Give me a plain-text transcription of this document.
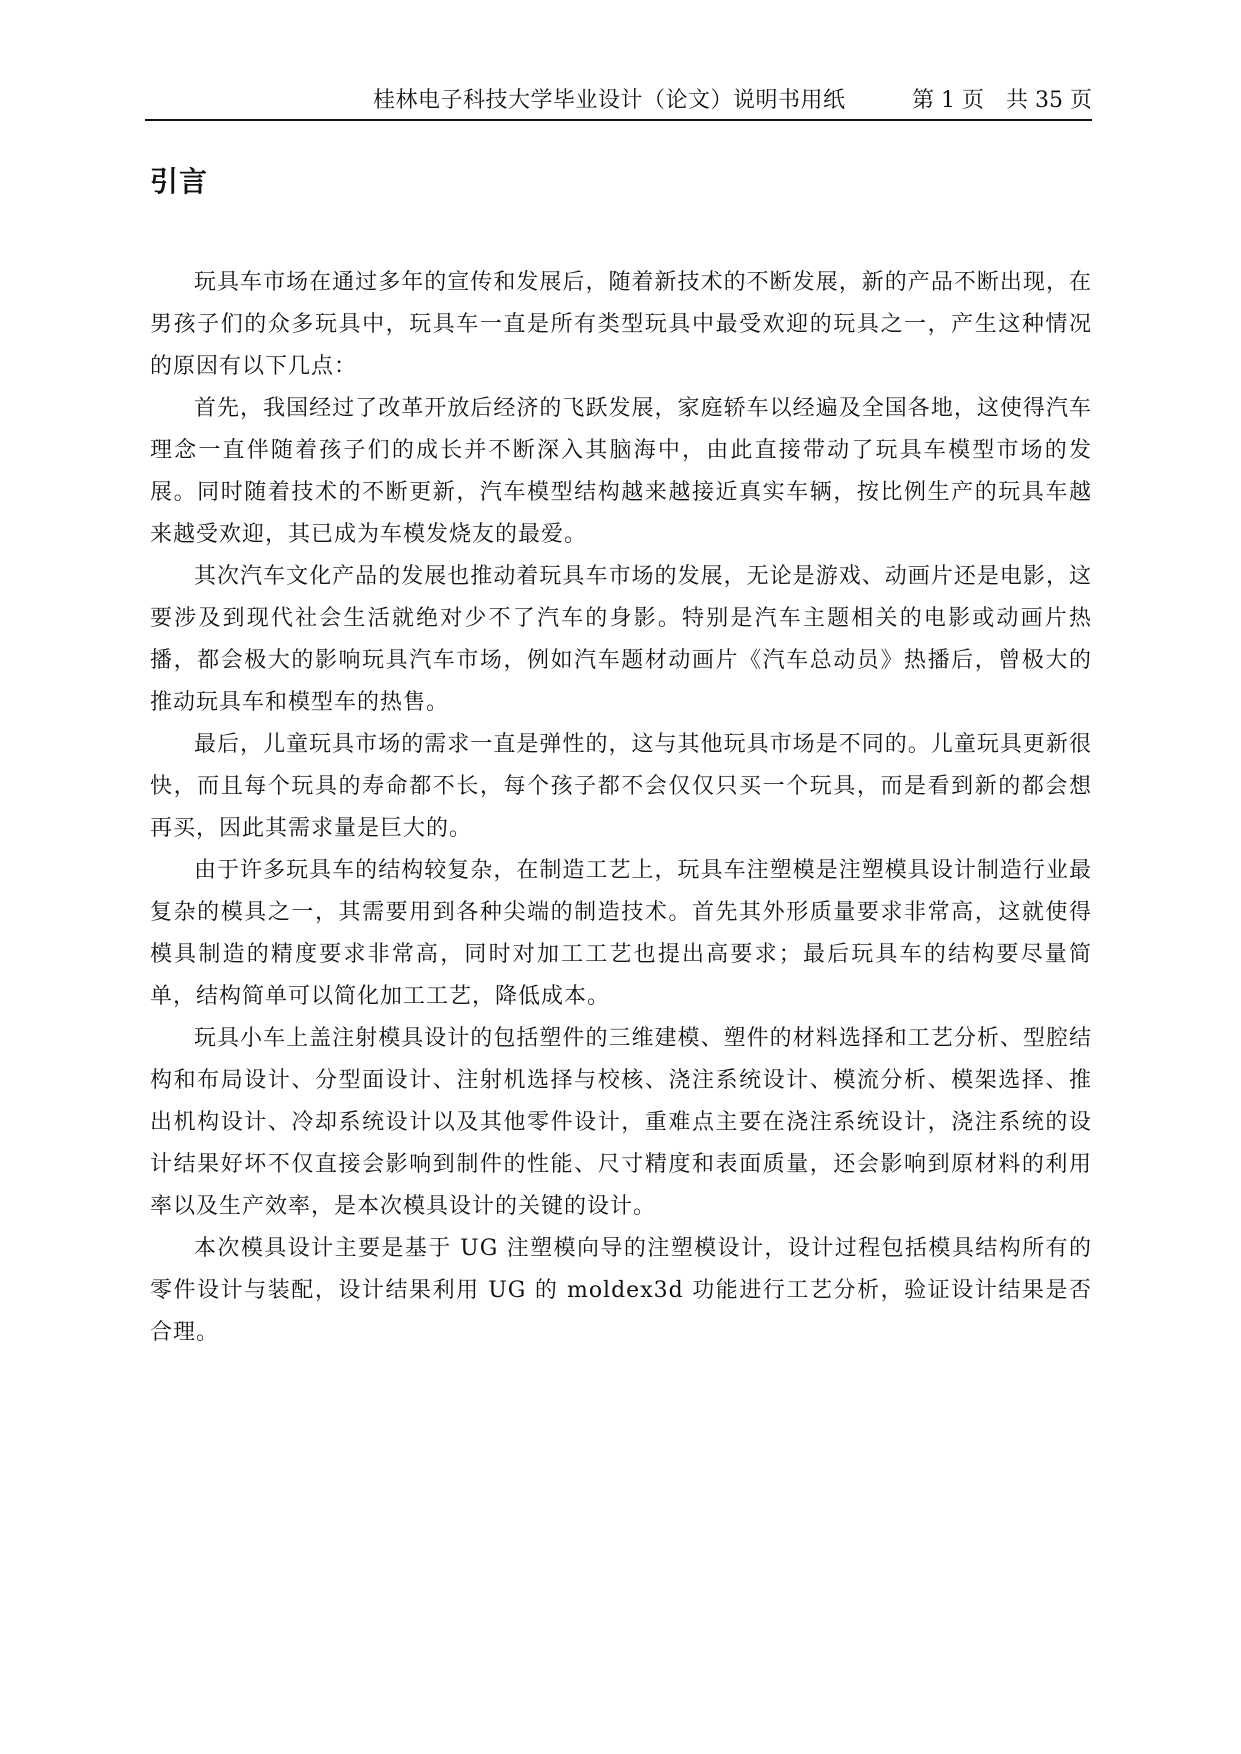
桂林电子科技大学毕业设计（论文）说明书用纸	第 1 页　共 35 页
引言

玩具车市场在通过多年的宣传和发展后，随着新技术的不断发展，新的产品不断出现，在男孩子们的众多玩具中，玩具车一直是所有类型玩具中最受欢迎的玩具之一，产生这种情况的原因有以下几点：

首先，我国经过了改革开放后经济的飞跃发展，家庭轿车以经遍及全国各地，这使得汽车理念一直伴随着孩子们的成长并不断深入其脑海中，由此直接带动了玩具车模型市场的发展。同时随着技术的不断更新，汽车模型结构越来越接近真实车辆，按比例生产的玩具车越来越受欢迎，其已成为车模发烧友的最爱。

其次汽车文化产品的发展也推动着玩具车市场的发展，无论是游戏、动画片还是电影，这要涉及到现代社会生活就绝对少不了汽车的身影。特别是汽车主题相关的电影或动画片热播，都会极大的影响玩具汽车市场，例如汽车题材动画片《汽车总动员》热播后，曾极大的推动玩具车和模型车的热售。

最后，儿童玩具市场的需求一直是弹性的，这与其他玩具市场是不同的。儿童玩具更新很快，而且每个玩具的寿命都不长，每个孩子都不会仅仅只买一个玩具，而是看到新的都会想再买，因此其需求量是巨大的。

由于许多玩具车的结构较复杂，在制造工艺上，玩具车注塑模是注塑模具设计制造行业最复杂的模具之一，其需要用到各种尖端的制造技术。首先其外形质量要求非常高，这就使得模具制造的精度要求非常高，同时对加工工艺也提出高要求；最后玩具车的结构要尽量简单，结构简单可以简化加工工艺，降低成本。

玩具小车上盖注射模具设计的包括塑件的三维建模、塑件的材料选择和工艺分析、型腔结构和布局设计、分型面设计、注射机选择与校核、浇注系统设计、模流分析、模架选择、推出机构设计、冷却系统设计以及其他零件设计，重难点主要在浇注系统设计，浇注系统的设计结果好坏不仅直接会影响到制件的性能、尺寸精度和表面质量，还会影响到原材料的利用率以及生产效率，是本次模具设计的关键的设计。

本次模具设计主要是基于 UG 注塑模向导的注塑模设计，设计过程包括模具结构所有的零件设计与装配，设计结果利用 UG 的 moldex3d 功能进行工艺分析，验证设计结果是否合理。
